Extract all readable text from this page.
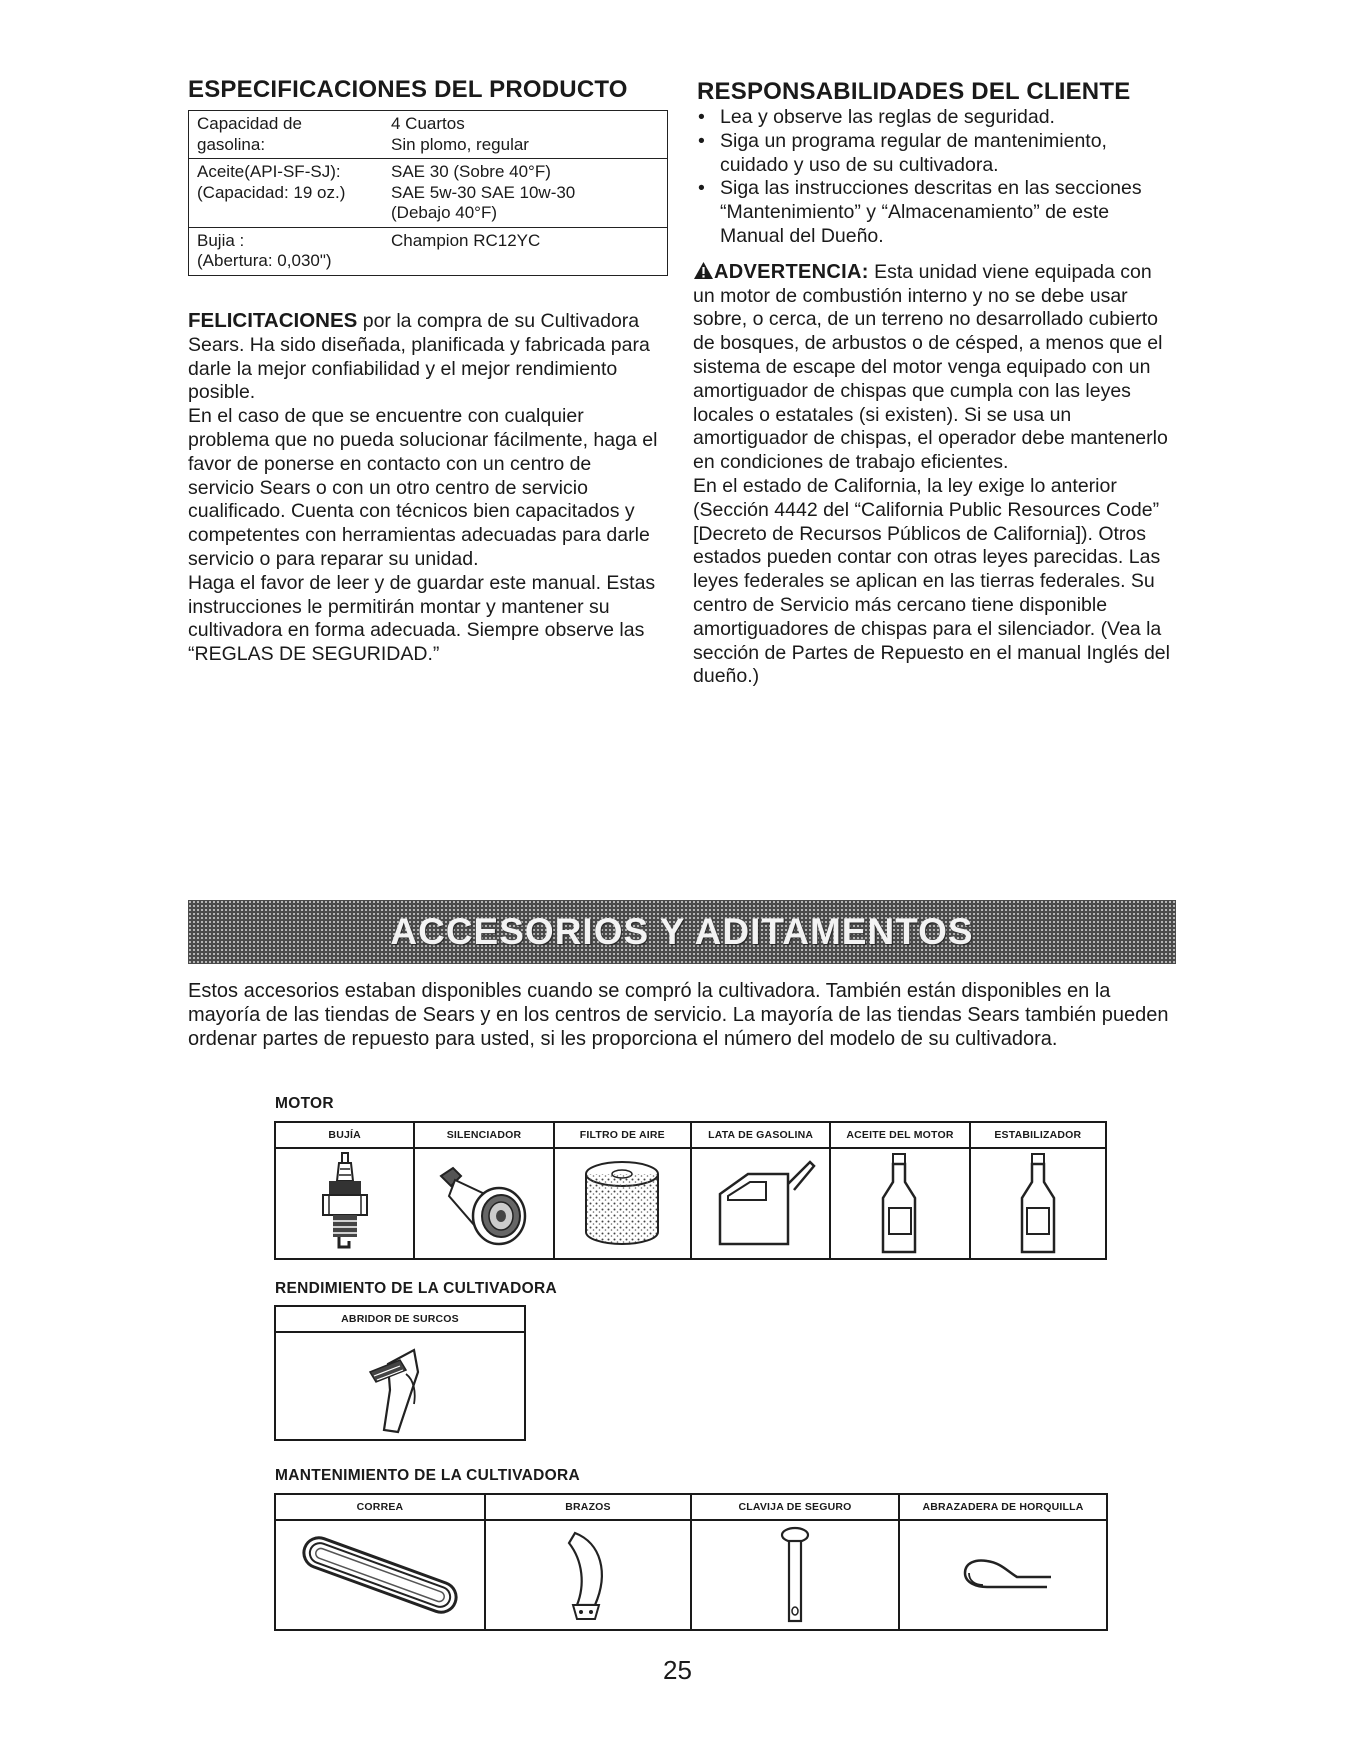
ESPECIFICACIONES DEL PRODUCTO
Capacidad de
gasolina:	4 Cuartos
Sin plomo, regular
Aceite(API-SF-SJ):
(Capacidad: 19 oz.)	SAE 30 (Sobre 40°F)
SAE 5w-30 SAE 10w-30
(Debajo 40°F)
Bujia :
(Abertura: 0,030")	Champion RC12YC

FELICITACIONES por la compra de su Cultivadora Sears. Ha sido diseñada, planificada y fabricada para darle la mejor confiabilidad y el mejor rendimiento posible.

En el caso de que se encuentre con cualquier problema que no pueda solucionar fácilmente, haga el favor de ponerse en contacto con un centro de servicio Sears o con un otro centro de servicio cualificado. Cuenta con técnicos bien capacitados y competentes con herramientas adecuadas para darle servicio o para reparar su unidad.

Haga el favor de leer y de guardar este manual. Estas instrucciones le permitirán montar y mantener su cultivadora en forma adecuada. Siempre observe las “REGLAS DE SEGURIDAD.”

RESPONSABILIDADES DEL CLIENTE
• Lea y observe las reglas de seguridad.
• Siga un programa regular de mantenimiento, cuidado y uso de su cultivadora.
• Siga las instrucciones descritas en las secciones “Mantenimiento” y “Almacenamiento” de este Manual del Dueño.

ADVERTENCIA: Esta unidad viene equipada con un motor de combustión interno y no se debe usar sobre, o cerca, de un terreno no desarrollado cubierto de bosques, de arbustos o de césped, a menos que el sistema de escape del motor venga equipado con un amortiguador de chispas que cumpla con las leyes locales o estatales (si existen). Si se usa un amortiguador de chispas, el operador debe mantenerlo en condiciones de trabajo eficientes.

En el estado de California, la ley exige lo anterior (Sección 4442 del “California Public Resources Code” [Decreto de Recursos Públicos de California]). Otros estados pueden contar con otras leyes parecidas. Las leyes federales se aplican en las tierras federales. Su centro de Servicio más cercano tiene disponible amortiguadores de chispas para el silenciador. (Vea la sección de Partes de Repuesto en el manual Inglés del dueño.)

ACCESORIOS Y ADITAMENTOS
Estos accesorios estaban disponibles cuando se compró la cultivadora. También están disponibles en la mayoría de las tiendas de Sears y en los centros de servicio. La mayoría de las tiendas Sears también pueden ordenar partes de repuesto para usted, si les proporciona el número del modelo de su cultivadora.
MOTOR
BUJÍA	SILENCIADOR	FILTRO DE AIRE	LATA DE GASOLINA	ACEITE DEL MOTOR	ESTABILIZADOR
RENDIMIENTO DE LA CULTIVADORA
ABRIDOR DE SURCOS
MANTENIMIENTO DE LA CULTIVADORA
CORREA	BRAZOS	CLAVIJA DE SEGURO	ABRAZADERA DE HORQUILLA
25
